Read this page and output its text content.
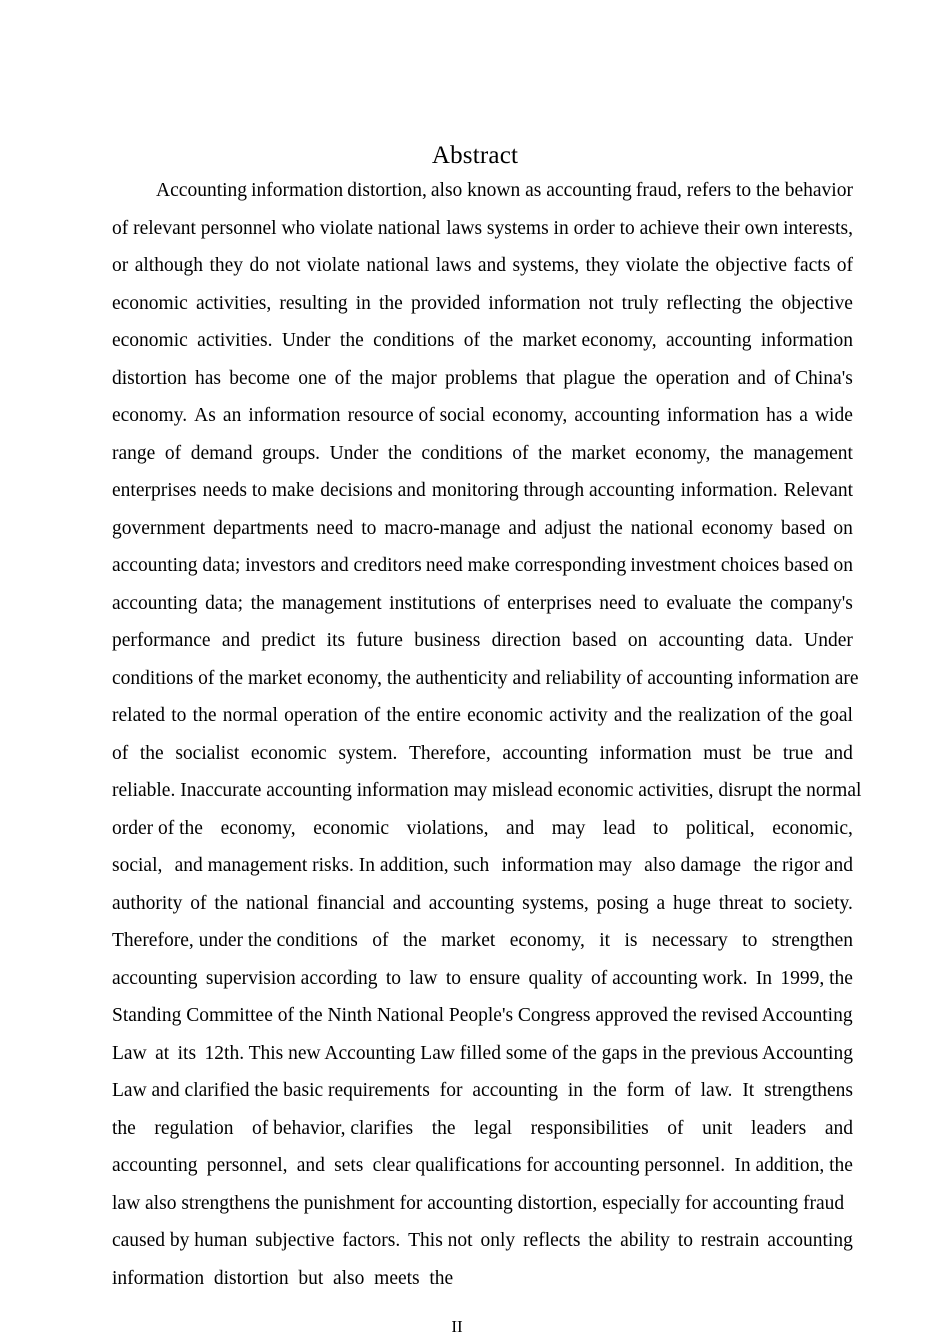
Abstract
Accounting information distortion, also known as accounting fraud, refers to the behavior
of relevant personnel who violate national laws systems in order to achieve their own interests,
or although they do not violate national laws and systems, they violate the objective facts of
economic activities, resulting in the provided information not truly reflecting the objective
economic activities. Under the conditions of the market economy, accounting information
distortion has become one of the major problems that plague the operation and of China's
economy. As an information resource of social economy, accounting information has a wide
range of demand groups. Under the conditions of the market economy, the management
enterprises needs to make decisions and monitoring through accounting information. Relevant
government departments need to macro-manage and adjust the national economy based on
accounting data; investors and creditors need make corresponding investment choices based on
accounting data; the management institutions of enterprises need to evaluate the company's
performance and predict its future business direction based on accounting data. Under
conditions of the market economy, the authenticity and reliability of accounting information are
related to the normal operation of the entire economic activity and the realization of the goal
of the socialist economic system. Therefore, accounting information must be true and
reliable. Inaccurate accounting information may mislead economic activities, disrupt the normal
order of the economy, economic violations, and may lead to political, economic,
social, and management risks. In addition, such information may also damage the rigor and
authority of the national financial and accounting systems, posing a huge threat to society.
Therefore, under the conditions of the market economy, it is necessary to strengthen
accounting supervision according to law to ensure quality of accounting work. In 1999, the
Standing Committee of the Ninth National People's Congress approved the revised Accounting
Law at its 12th. This new Accounting Law filled some of the gaps in the previous Accounting
Law and clarified the basic requirements for accounting in the form of law. It strengthens
the regulation of behavior, clarifies the legal responsibilities of unit leaders and
accounting personnel, and sets clear qualifications for accounting personnel. In addition, the
law also strengthens the punishment for accounting distortion, especially for accounting fraud
caused by human subjective factors. This not only reflects the ability to restrain accounting
information  distortion  but  also  meets  the
II
